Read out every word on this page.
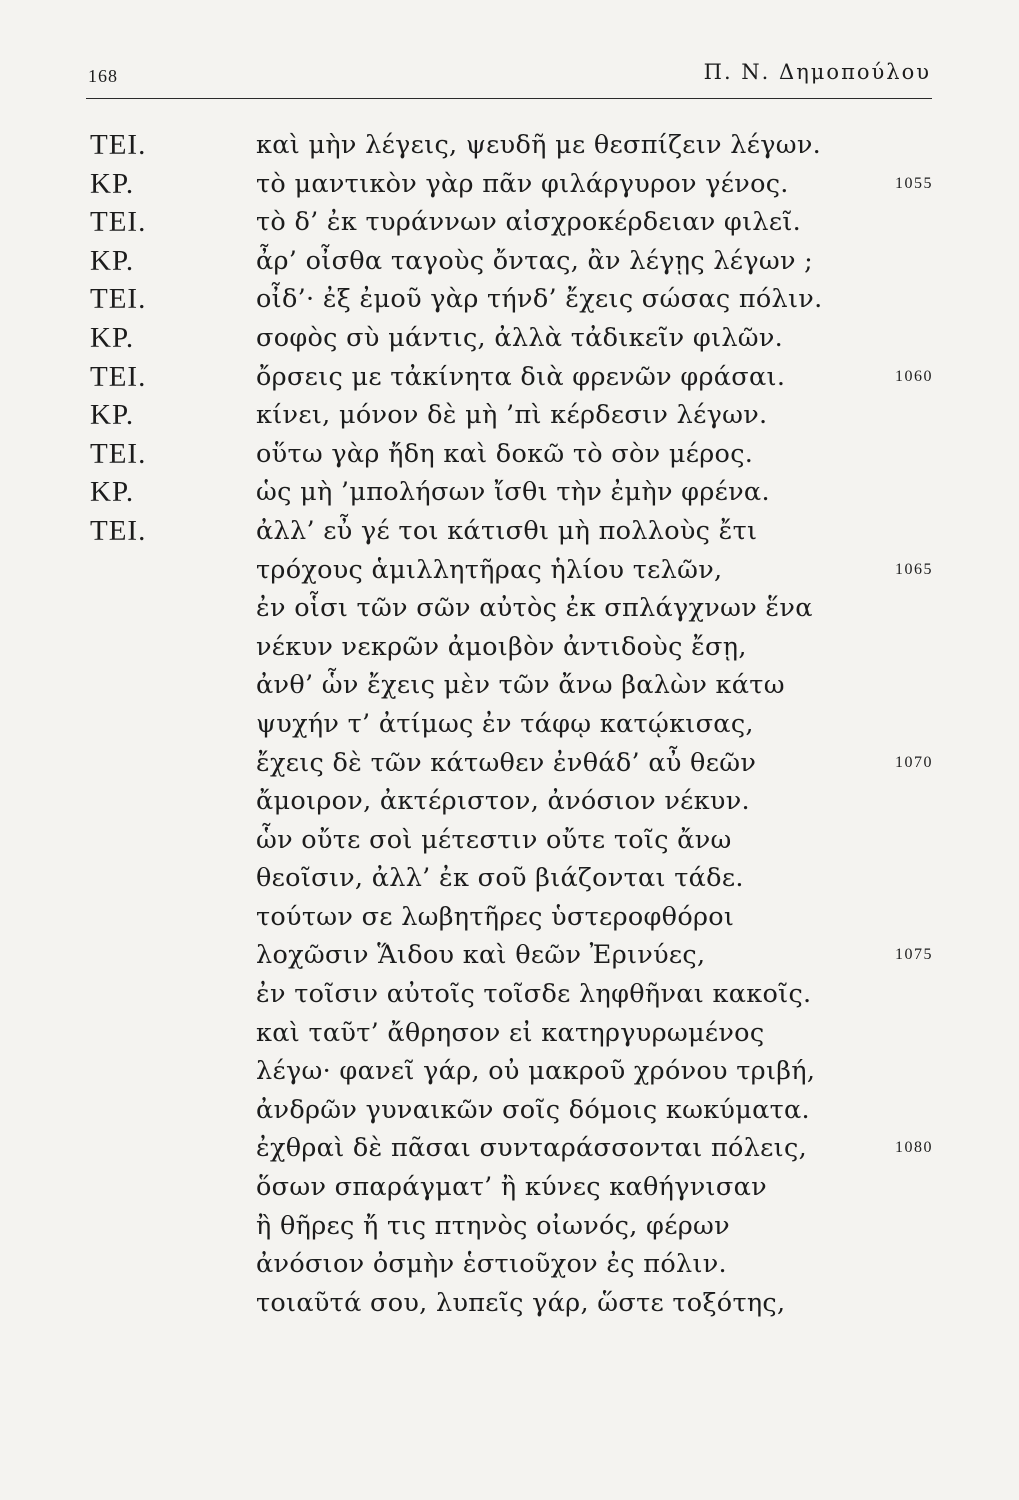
168	Π. Ν. Δημοπούλου
ΤΕΙ.	καὶ μὴν λέγεις, ψευδῆ με θεσπίζειν λέγων.
ΚΡ.	τὸ μαντικὸν γὰρ πᾶν φιλάργυρον γένος.	1055
ΤΕΙ.	τὸ δ’ ἐκ τυράννων αἰσχροκέρδειαν φιλεῖ.
ΚΡ.	ἆρ’ οἶσθα ταγοὺς ὄντας, ἂν λέγῃς λέγων ;
ΤΕΙ.	οἶδ’· ἐξ ἐμοῦ γὰρ τήνδ’ ἔχεις σώσας πόλιν.
ΚΡ.	σοφὸς σὺ μάντις, ἀλλὰ τἀδικεῖν φιλῶν.
ΤΕΙ.	ὄρσεις με τἀκίνητα διὰ φρενῶν φράσαι.	1060
ΚΡ.	κίνει, μόνον δὲ μὴ ’πὶ κέρδεσιν λέγων.
ΤΕΙ.	οὕτω γὰρ ἤδη καὶ δοκῶ τὸ σὸν μέρος.
ΚΡ.	ὡς μὴ ’μπολήσων ἴσθι τὴν ἐμὴν φρένα.
ΤΕΙ.	ἀλλ’ εὖ γέ τοι κάτισθι μὴ πολλοὺς ἔτι
τρόχους ἁμιλλητῆρας ἡλίου τελῶν,	1065
ἐν οἷσι τῶν σῶν αὐτὸς ἐκ σπλάγχνων ἕνα
νέκυν νεκρῶν ἀμοιβὸν ἀντιδοὺς ἔσῃ,
ἀνθ’ ὧν ἔχεις μὲν τῶν ἄνω βαλὼν κάτω
ψυχήν τ’ ἀτίμως ἐν τάφῳ κατῴκισας,
ἔχεις δὲ τῶν κάτωθεν ἐνθάδ’ αὖ θεῶν	1070
ἄμοιρον, ἀκτέριστον, ἀνόσιον νέκυν.
ὧν οὔτε σοὶ μέτεστιν οὔτε τοῖς ἄνω
θεοῖσιν, ἀλλ’ ἐκ σοῦ βιάζονται τάδε.
τούτων σε λωβητῆρες ὑστεροφθόροι
λοχῶσιν Ἅιδου καὶ θεῶν Ἐρινύες,	1075
ἐν τοῖσιν αὐτοῖς τοῖσδε ληφθῆναι κακοῖς.
καὶ ταῦτ’ ἄθρησον εἰ κατηργυρωμένος
λέγω· φανεῖ γάρ, οὐ μακροῦ χρόνου τριβή,
ἀνδρῶν γυναικῶν σοῖς δόμοις κωκύματα.
ἐχθραὶ δὲ πᾶσαι συνταράσσονται πόλεις,	1080
ὅσων σπαράγματ’ ἢ κύνες καθήγνισαν
ἢ θῆρες ἤ τις πτηνὸς οἰωνός, φέρων
ἀνόσιον ὀσμὴν ἑστιοῦχον ἐς πόλιν.
τοιαῦτά σου, λυπεῖς γάρ, ὥστε τοξότης,
